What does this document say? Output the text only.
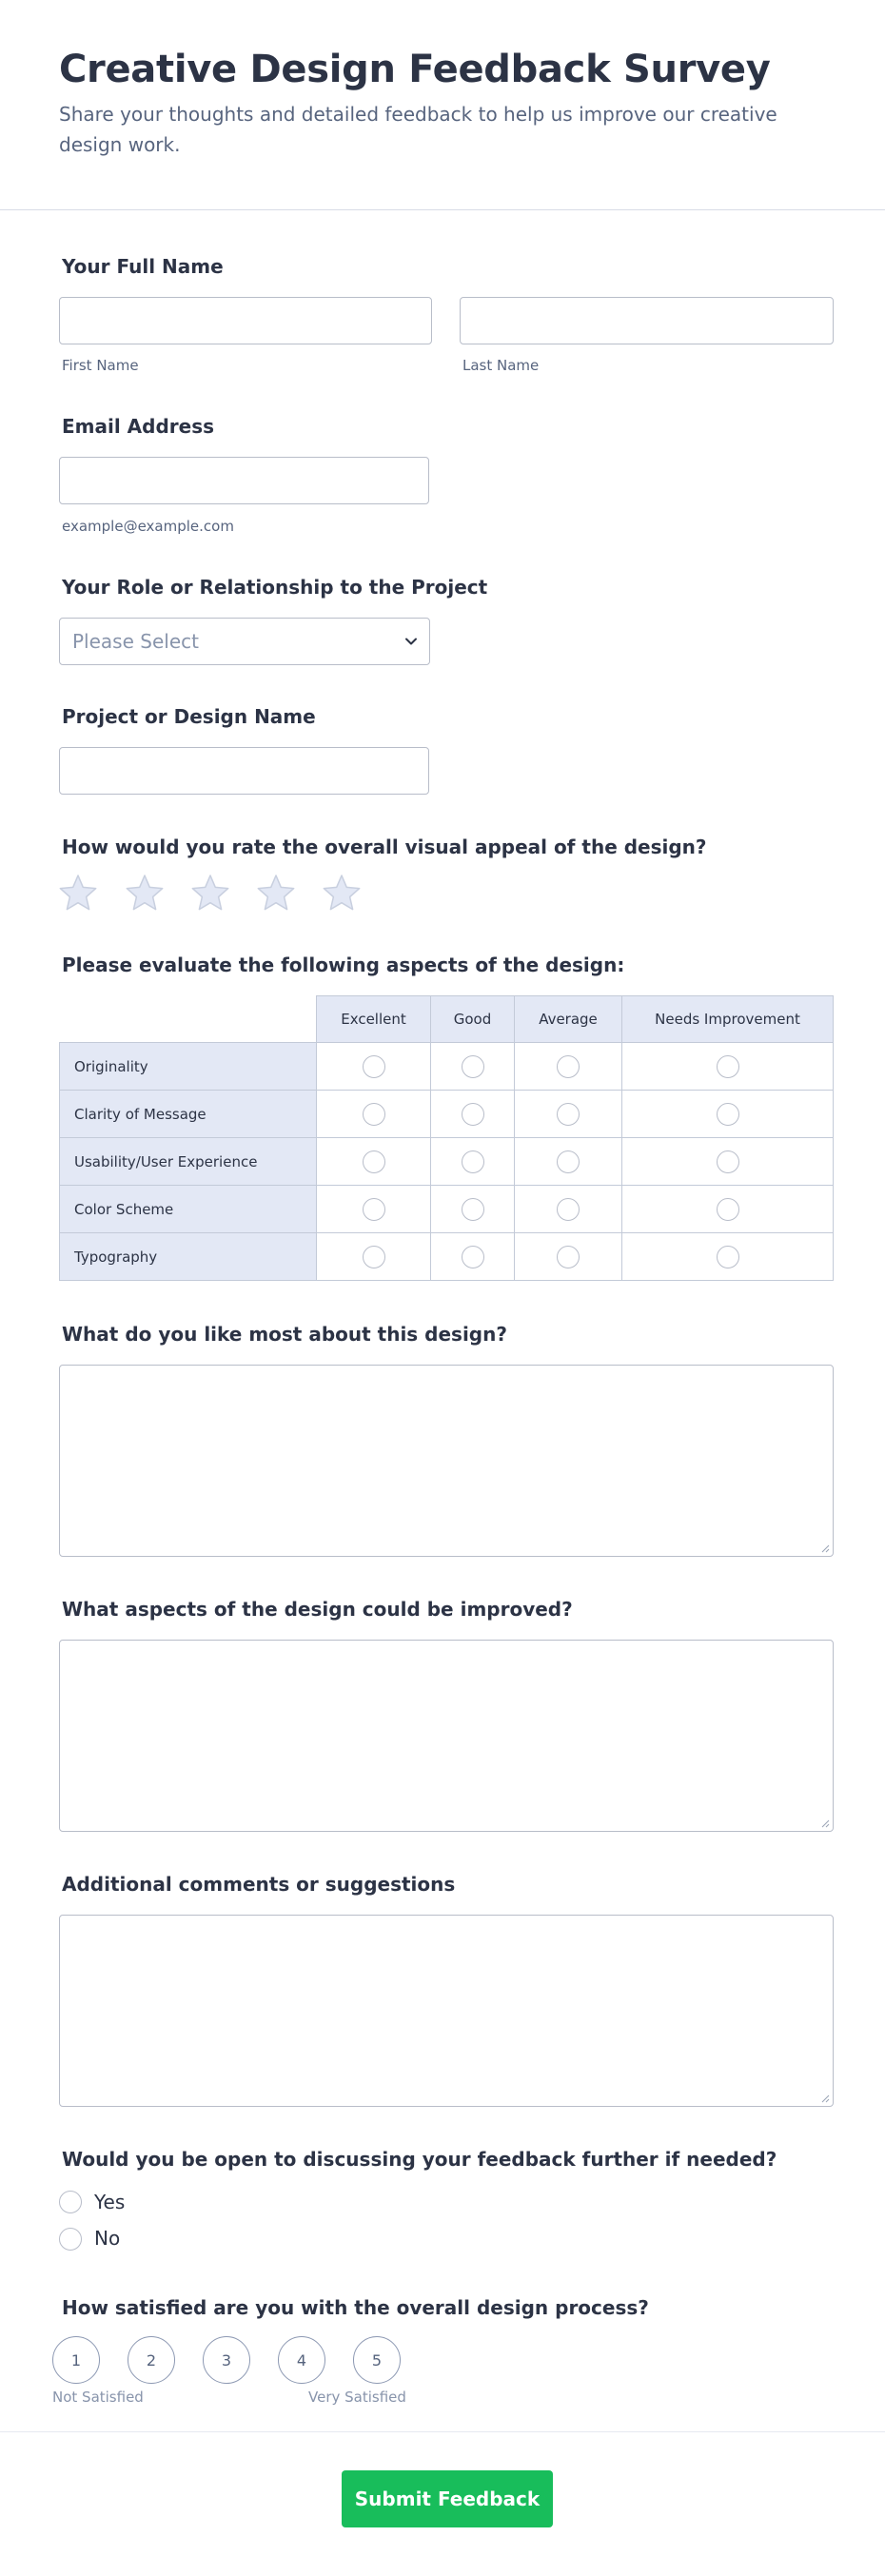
Creative Design Feedback Survey

Share your thoughts and detailed feedback to help us improve our creative design work.

Your Full Name
First Name	Last Name
Email Address
example@example.com
Your Role or Relationship to the Project
Please Select
Project or Design Name
How would you rate the overall visual appeal of the design?
Please evaluate the following aspects of the design:
Excellent	Good	Average	Needs Improvement
Originality
Clarity of Message
Usability/User Experience
Color Scheme
Typography
What do you like most about this design?
What aspects of the design could be improved?
Additional comments or suggestions
Would you be open to discussing your feedback further if needed?
Yes
No
How satisfied are you with the overall design process?
1	2	3	4	5
Not Satisfied	Very Satisfied
Submit Feedback
